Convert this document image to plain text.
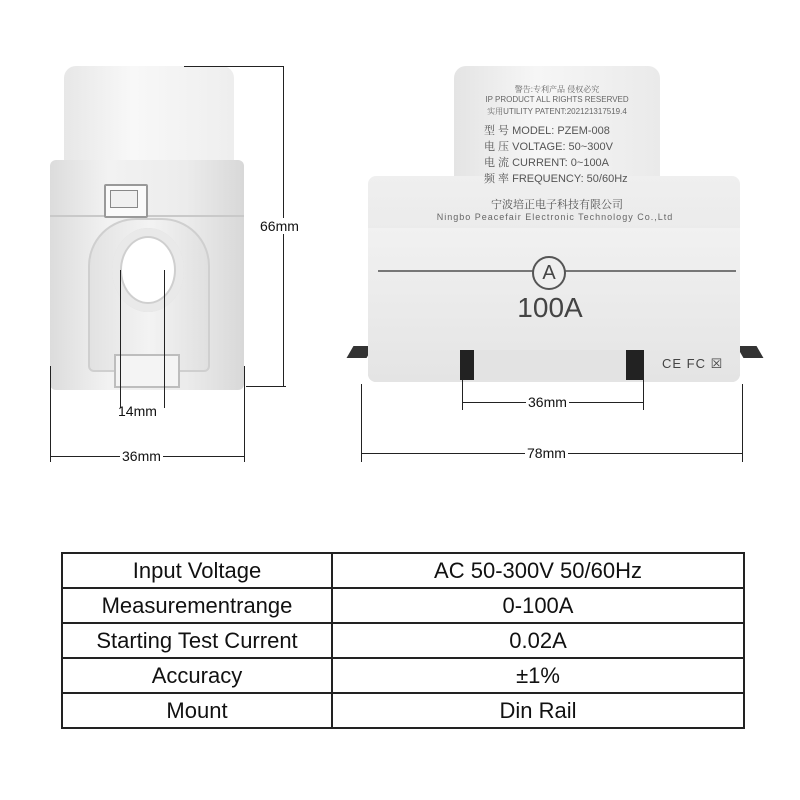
66mm
14mm
36mm
警告:专利产品 侵权必究
IP PRODUCT ALL RIGHTS RESERVED
实用UTILITY PATENT:202121317519.4
型 号 MODEL: PZEM-008
电 压 VOLTAGE: 50~300V
电 流 CURRENT: 0~100A
频 率 FREQUENCY: 50/60Hz
宁波培正电子科技有限公司
Ningbo Peacefair Electronic Technology Co.,Ltd
A
100A
CE FC ☒
36mm
78mm
Input Voltage	AC 50-300V 50/60Hz
Measurementrange	0-100A
Starting Test Current	0.02A
Accuracy	±1%
Mount	Din Rail
